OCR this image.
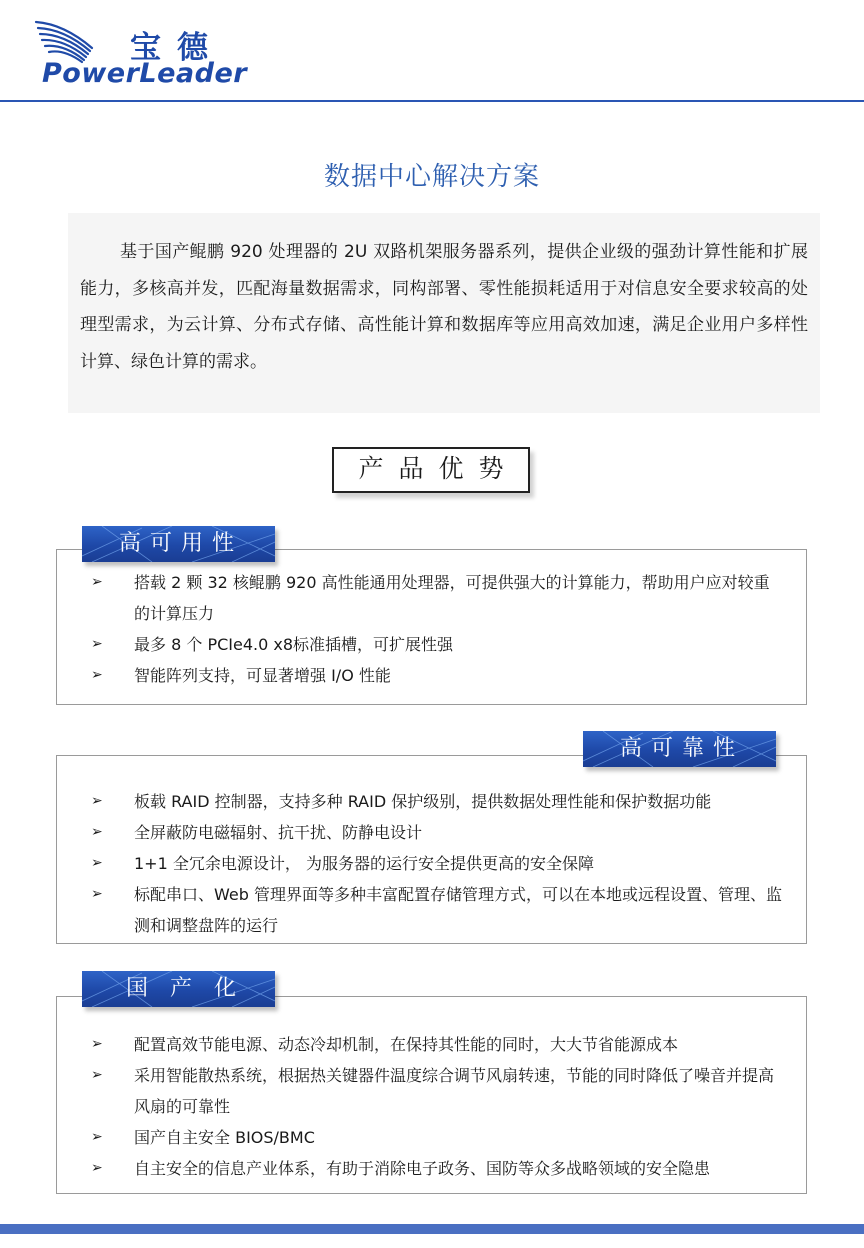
宝德
PowerLeader
数据中心解决方案

基于国产鲲鹏 920 处理器的 2U 双路机架服务器系列，提供企业级的强劲计算性能和扩展能力，多核高并发，匹配海量数据需求，同构部署、零性能损耗适用于对信息安全要求较高的处理型需求，为云计算、分布式存储、高性能计算和数据库等应用高效加速，满足企业用户多样性计算、绿色计算的需求。

产品优势
➢ 搭载 2 颗 32 核鲲鹏 920 高性能通用处理器，可提供强大的计算能力，帮助用户应对较重的计算压力
➢ 最多 8 个 PCIe4.0 x8标准插槽，可扩展性强
➢ 智能阵列支持，可显著增强 I/O 性能
高可用性
➢ 板载 RAID 控制器，支持多种 RAID 保护级别，提供数据处理性能和保护数据功能
➢ 全屏蔽防电磁辐射、抗干扰、防静电设计
➢ 1+1 全冗余电源设计， 为服务器的运行安全提供更高的安全保障
➢ 标配串口、Web 管理界面等多种丰富配置存储管理方式，可以在本地或远程设置、管理、监测和调整盘阵的运行
高可靠性
➢ 配置高效节能电源、动态冷却机制，在保持其性能的同时，大大节省能源成本
➢ 采用智能散热系统，根据热关键器件温度综合调节风扇转速，节能的同时降低了噪音并提高风扇的可靠性
➢ 国产自主安全 BIOS/BMC
➢ 自主安全的信息产业体系，有助于消除电子政务、国防等众多战略领域的安全隐患
国产化
